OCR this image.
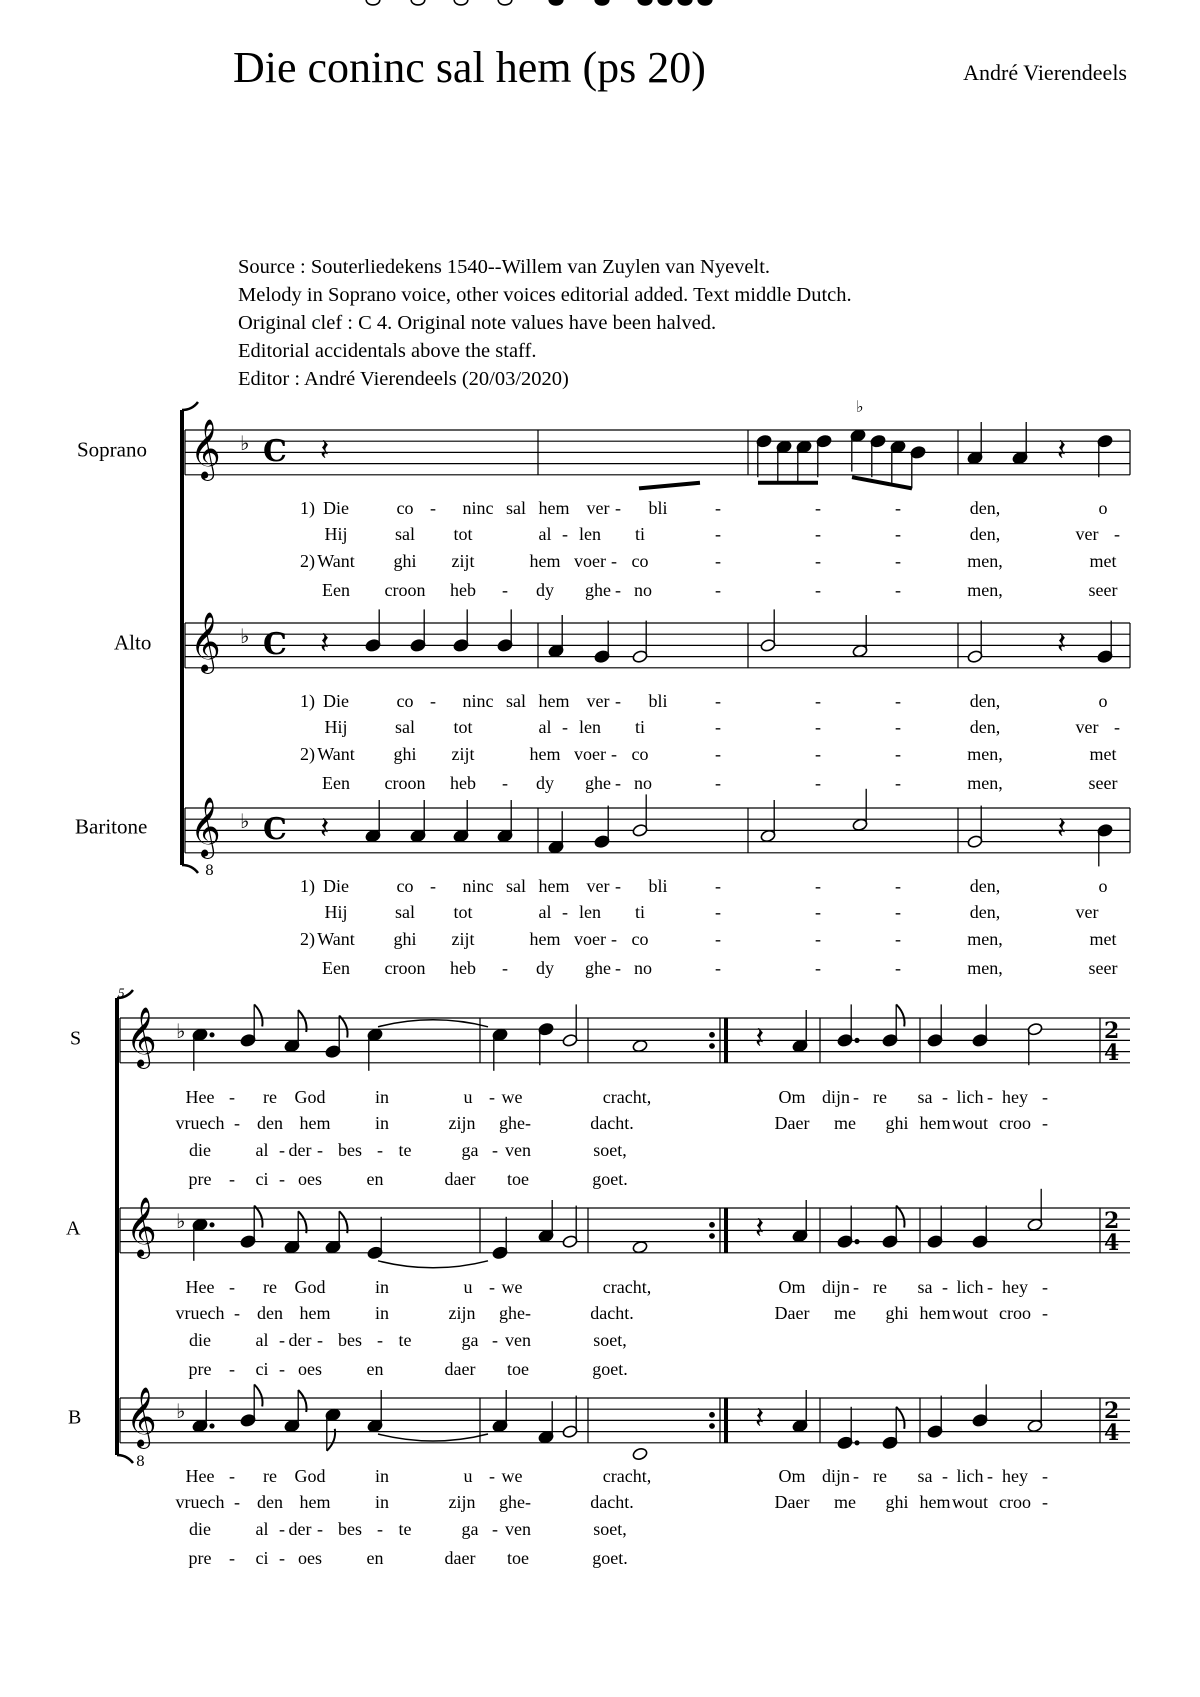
Die coninc sal hem (ps 20)	André Vierendeels
Source : Souterliedekens 1540--Willem van Zuylen van Nyevelt.
Melody in Soprano voice, other voices editorial added. Text middle Dutch.
Original clef : C 4. Original note values have been halved.
Editorial accidentals above the staff.
Editor : André Vierendeels (20/03/2020)
Soprano
Alto
Baritone
5
S
A
B
𝄞 ♭ C
𝄞 ♭ C
𝄞 ♭ C
8
𝄽
♭
𝄽
𝄽	𝄽
𝄽	𝄽
𝄞 ♭	2
4
𝄞 ♭	2
4
𝄞 ♭	2
4
8
𝄽
𝄽
𝄽
1)
2)
Die	co - ninc sal hem ver - bli	-	-	-	den,	o
Hij	sal tot	al - len ti	-	-	-	den,	ver -
Want ghi zijt	hem voer - co	-	-	-	men,	met
Een croon heb - dy ghe - no	-	-	-	men,	seer
1)
2)
Die	co - ninc sal hem ver - bli	-	-	-	den,	o
Hij	sal tot	al - len ti	-	-	-	den,	ver -
Want ghi zijt	hem voer - co	-	-	-	men,	met
Een croon heb - dy ghe - no	-	-	-	men,	seer
1)
2)
Die	co - ninc sal hem ver - bli	-	-	-	den,	o
Hij	sal tot	al - len ti	-	-	-	den,	ver
Want ghi zijt	hem voer - co	-	-	-	men,	met
Een croon heb - dy ghe - no	-	-	-	men,	seer
Hee - re God	in	u - we	cracht,
vruech - den hem in	zijn ghe -	dacht.
die al - der - bes - te	ga - ven	soet,
pre - ci - oes en	daer toe	goet.
Om dijn - re sa - lich - hey -
Daer me ghi hem wout croo -
Hee - re God	in	u - we	cracht,
vruech - den hem in	zijn ghe -	dacht.
die al - der - bes - te	ga - ven	soet,
pre - ci - oes en	daer toe	goet.
Om dijn - re sa - lich - hey -
Daer me ghi hem wout croo -
Hee - re God	in	u - we	cracht,
vruech - den hem in	zijn ghe -	dacht.
die al - der - bes - te	ga - ven	soet,
pre - ci - oes en	daer toe	goet.
Om dijn - re sa - lich - hey -
Daer me ghi hem wout croo -
